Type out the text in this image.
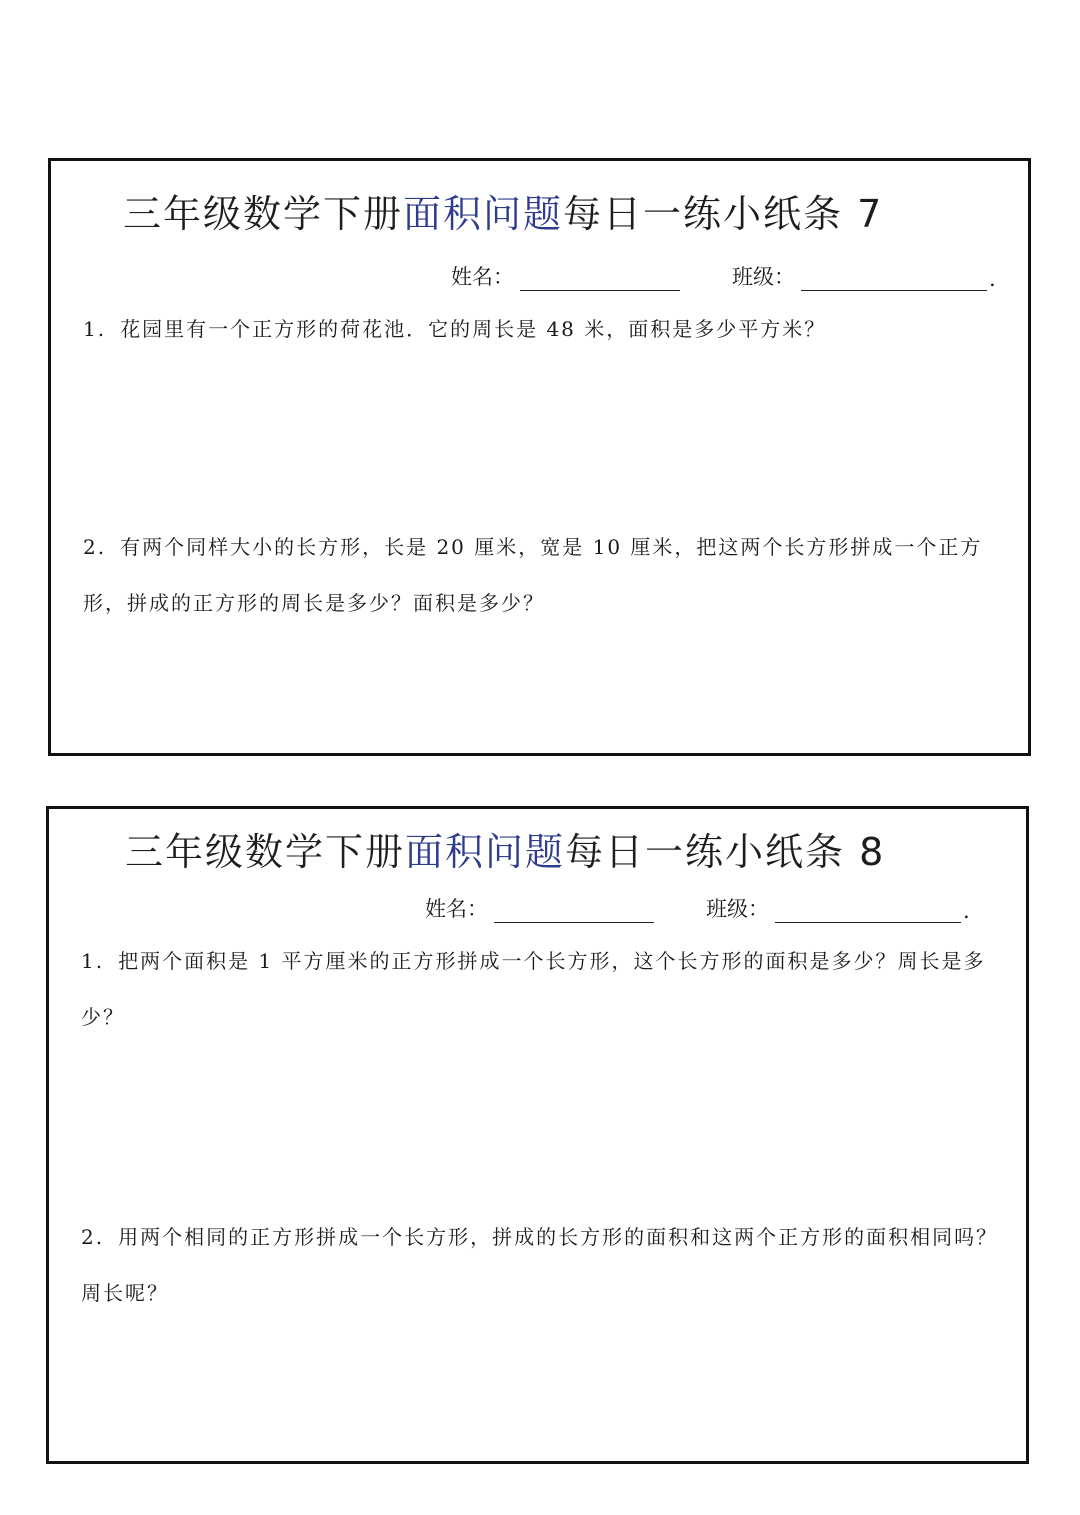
三年级数学下册面积问题每日一练小纸条 7
姓名：	班级：	.
1. 花园里有一个正方形的荷花池．它的周长是 48 米，面积是多少平方米？
2. 有两个同样大小的长方形，长是 20 厘米，宽是 10 厘米，把这两个长方形拼成一个正方形，拼成的正方形的周长是多少？面积是多少？
三年级数学下册面积问题每日一练小纸条 8
姓名：	班级：	.
1. 把两个面积是 1 平方厘米的正方形拼成一个长方形，这个长方形的面积是多少？周长是多少？
2. 用两个相同的正方形拼成一个长方形，拼成的长方形的面积和这两个正方形的面积相同吗？周长呢？
